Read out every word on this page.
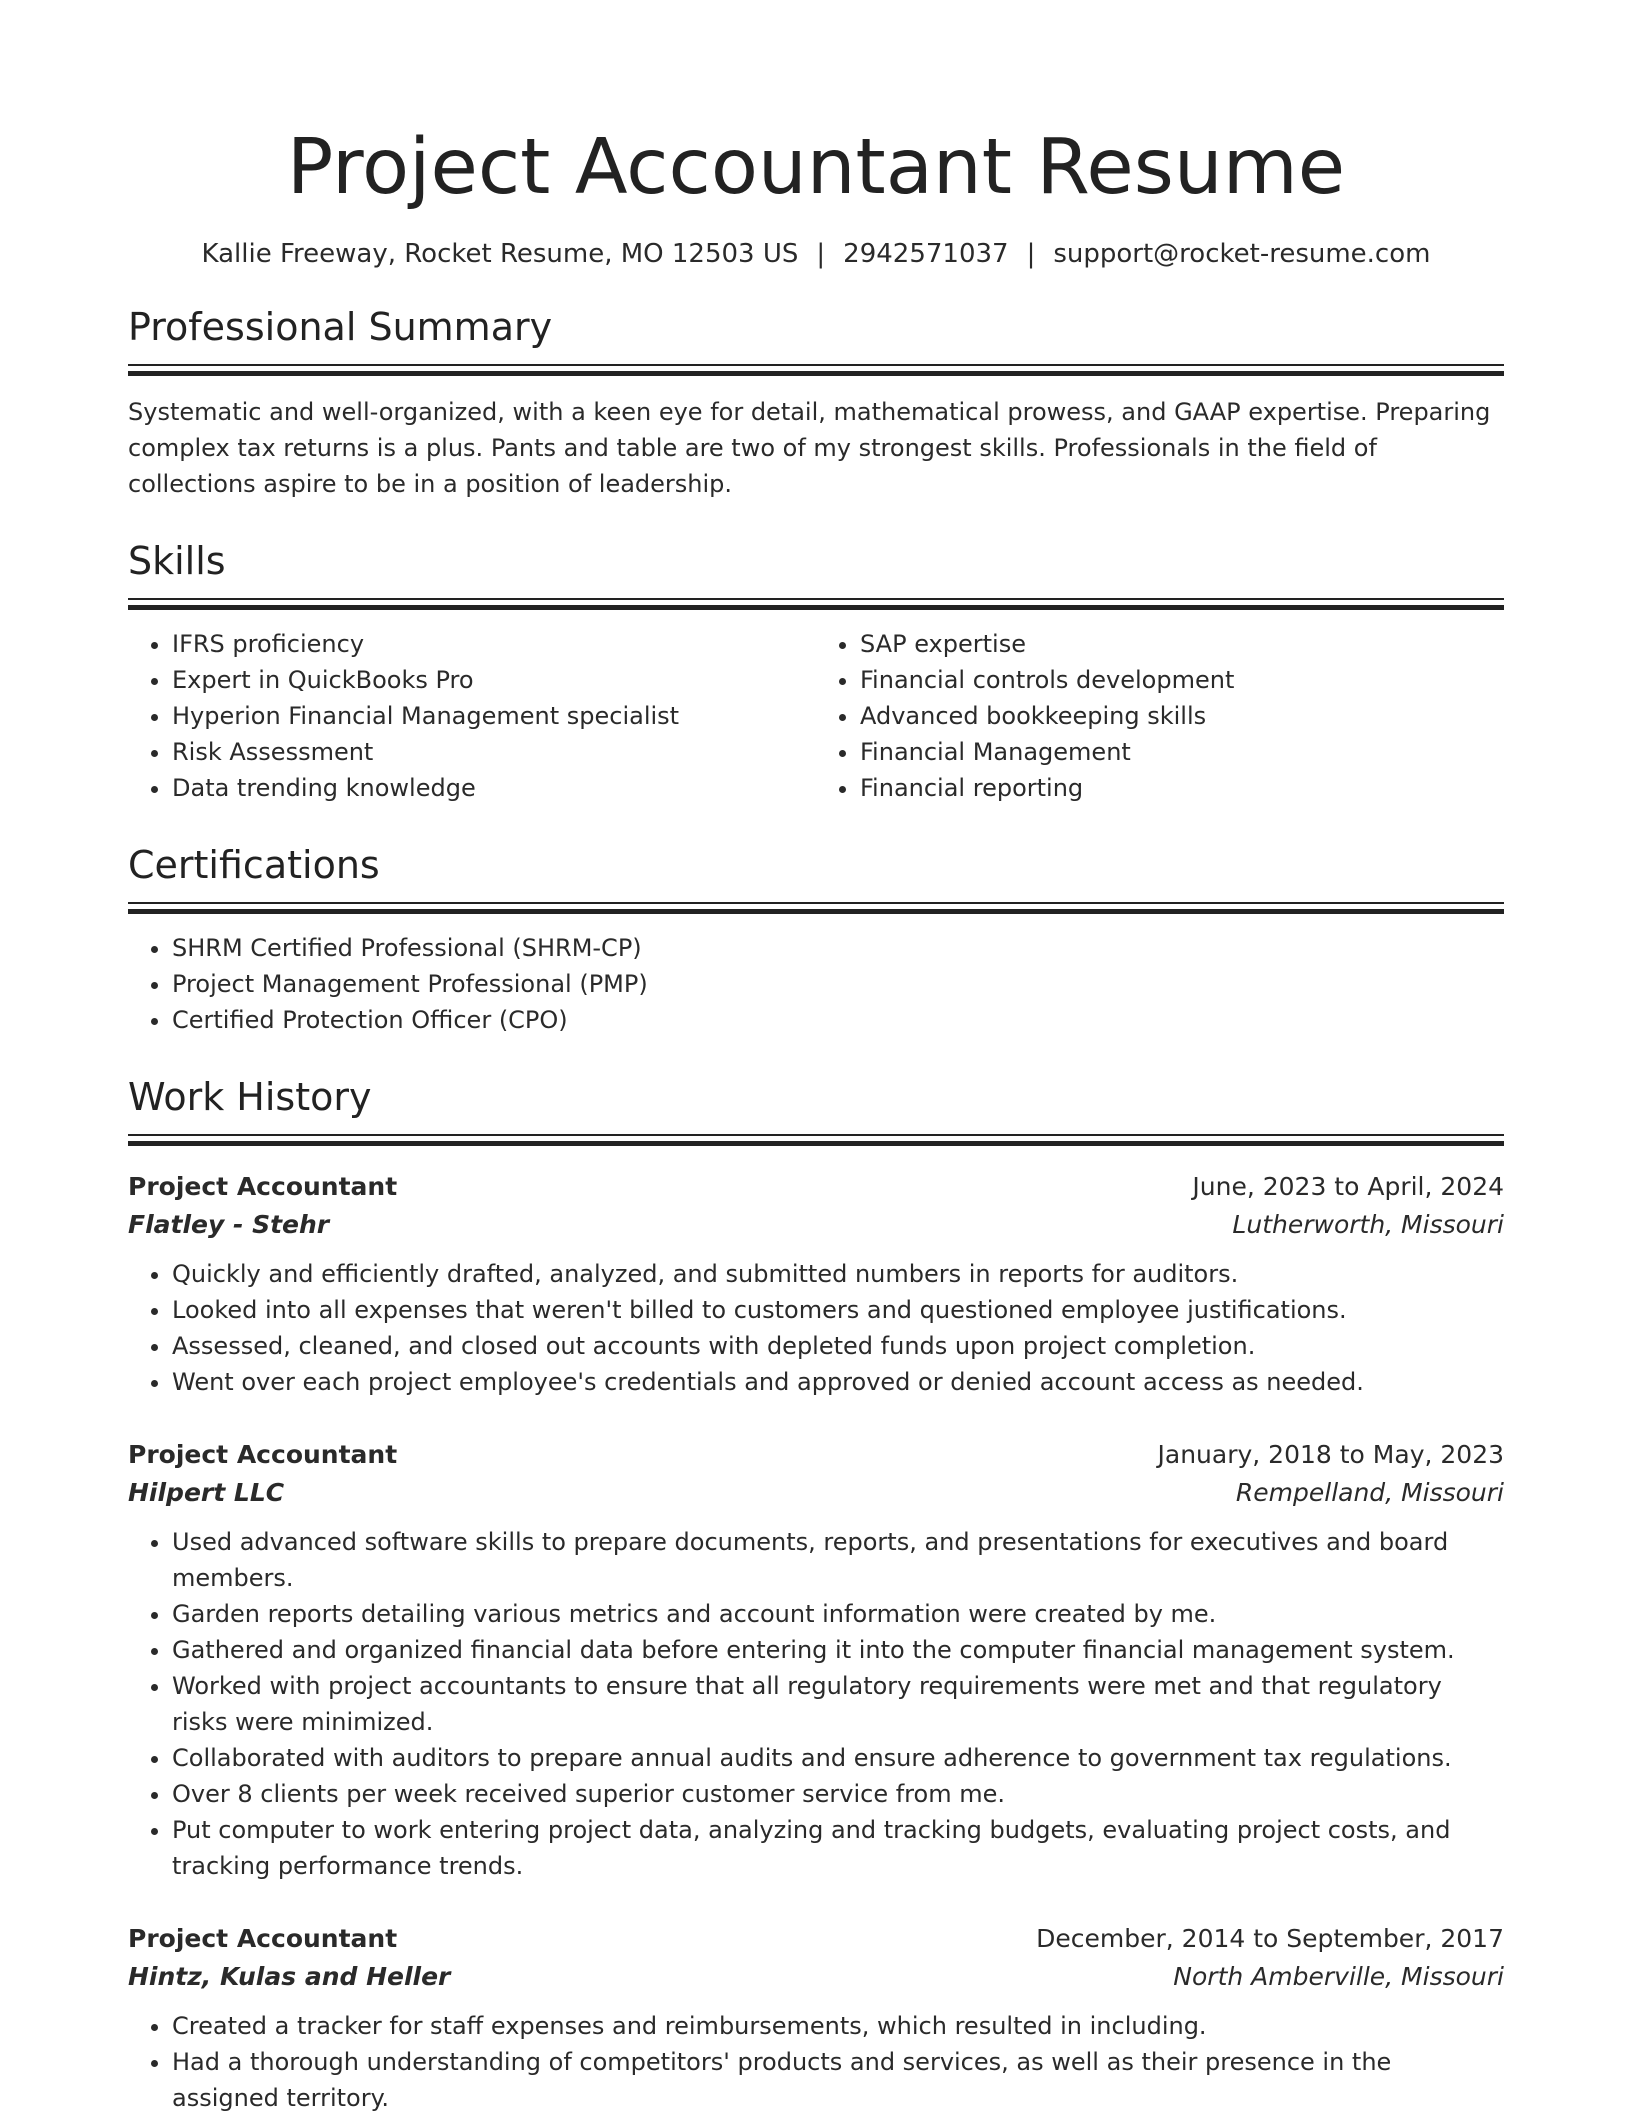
Project Accountant Resume
Kallie Freeway, Rocket Resume, MO 12503 US | 2942571037 | support@rocket-resume.com
Professional Summary

Systematic and well-organized, with a keen eye for detail, mathematical prowess, and GAAP expertise. Preparing complex tax returns is a plus. Pants and table are two of my strongest skills. Professionals in the field of collections aspire to be in a position of leadership.

Skills
• IFRS proficiency
• Expert in QuickBooks Pro
• Hyperion Financial Management specialist
• Risk Assessment
• Data trending knowledge
• SAP expertise
• Financial controls development
• Advanced bookkeeping skills
• Financial Management
• Financial reporting
Certifications
• SHRM Certified Professional (SHRM-CP)
• Project Management Professional (PMP)
• Certified Protection Officer (CPO)
Work History
Project Accountant	June, 2023 to April, 2024
Flatley - Stehr	Lutherworth, Missouri
• Quickly and efficiently drafted, analyzed, and submitted numbers in reports for auditors.
• Looked into all expenses that weren't billed to customers and questioned employee justifications.
• Assessed, cleaned, and closed out accounts with depleted funds upon project completion.
• Went over each project employee's credentials and approved or denied account access as needed.
Project Accountant	January, 2018 to May, 2023
Hilpert LLC	Rempelland, Missouri
• Used advanced software skills to prepare documents, reports, and presentations for executives and board members.
• Garden reports detailing various metrics and account information were created by me.
• Gathered and organized financial data before entering it into the computer financial management system.
• Worked with project accountants to ensure that all regulatory requirements were met and that regulatory risks were minimized.
• Collaborated with auditors to prepare annual audits and ensure adherence to government tax regulations.
• Over 8 clients per week received superior customer service from me.
• Put computer to work entering project data, analyzing and tracking budgets, evaluating project costs, and tracking performance trends.
Project Accountant	December, 2014 to September, 2017
Hintz, Kulas and Heller	North Amberville, Missouri
• Created a tracker for staff expenses and reimbursements, which resulted in including.
• Had a thorough understanding of competitors' products and services, as well as their presence in the assigned territory.
